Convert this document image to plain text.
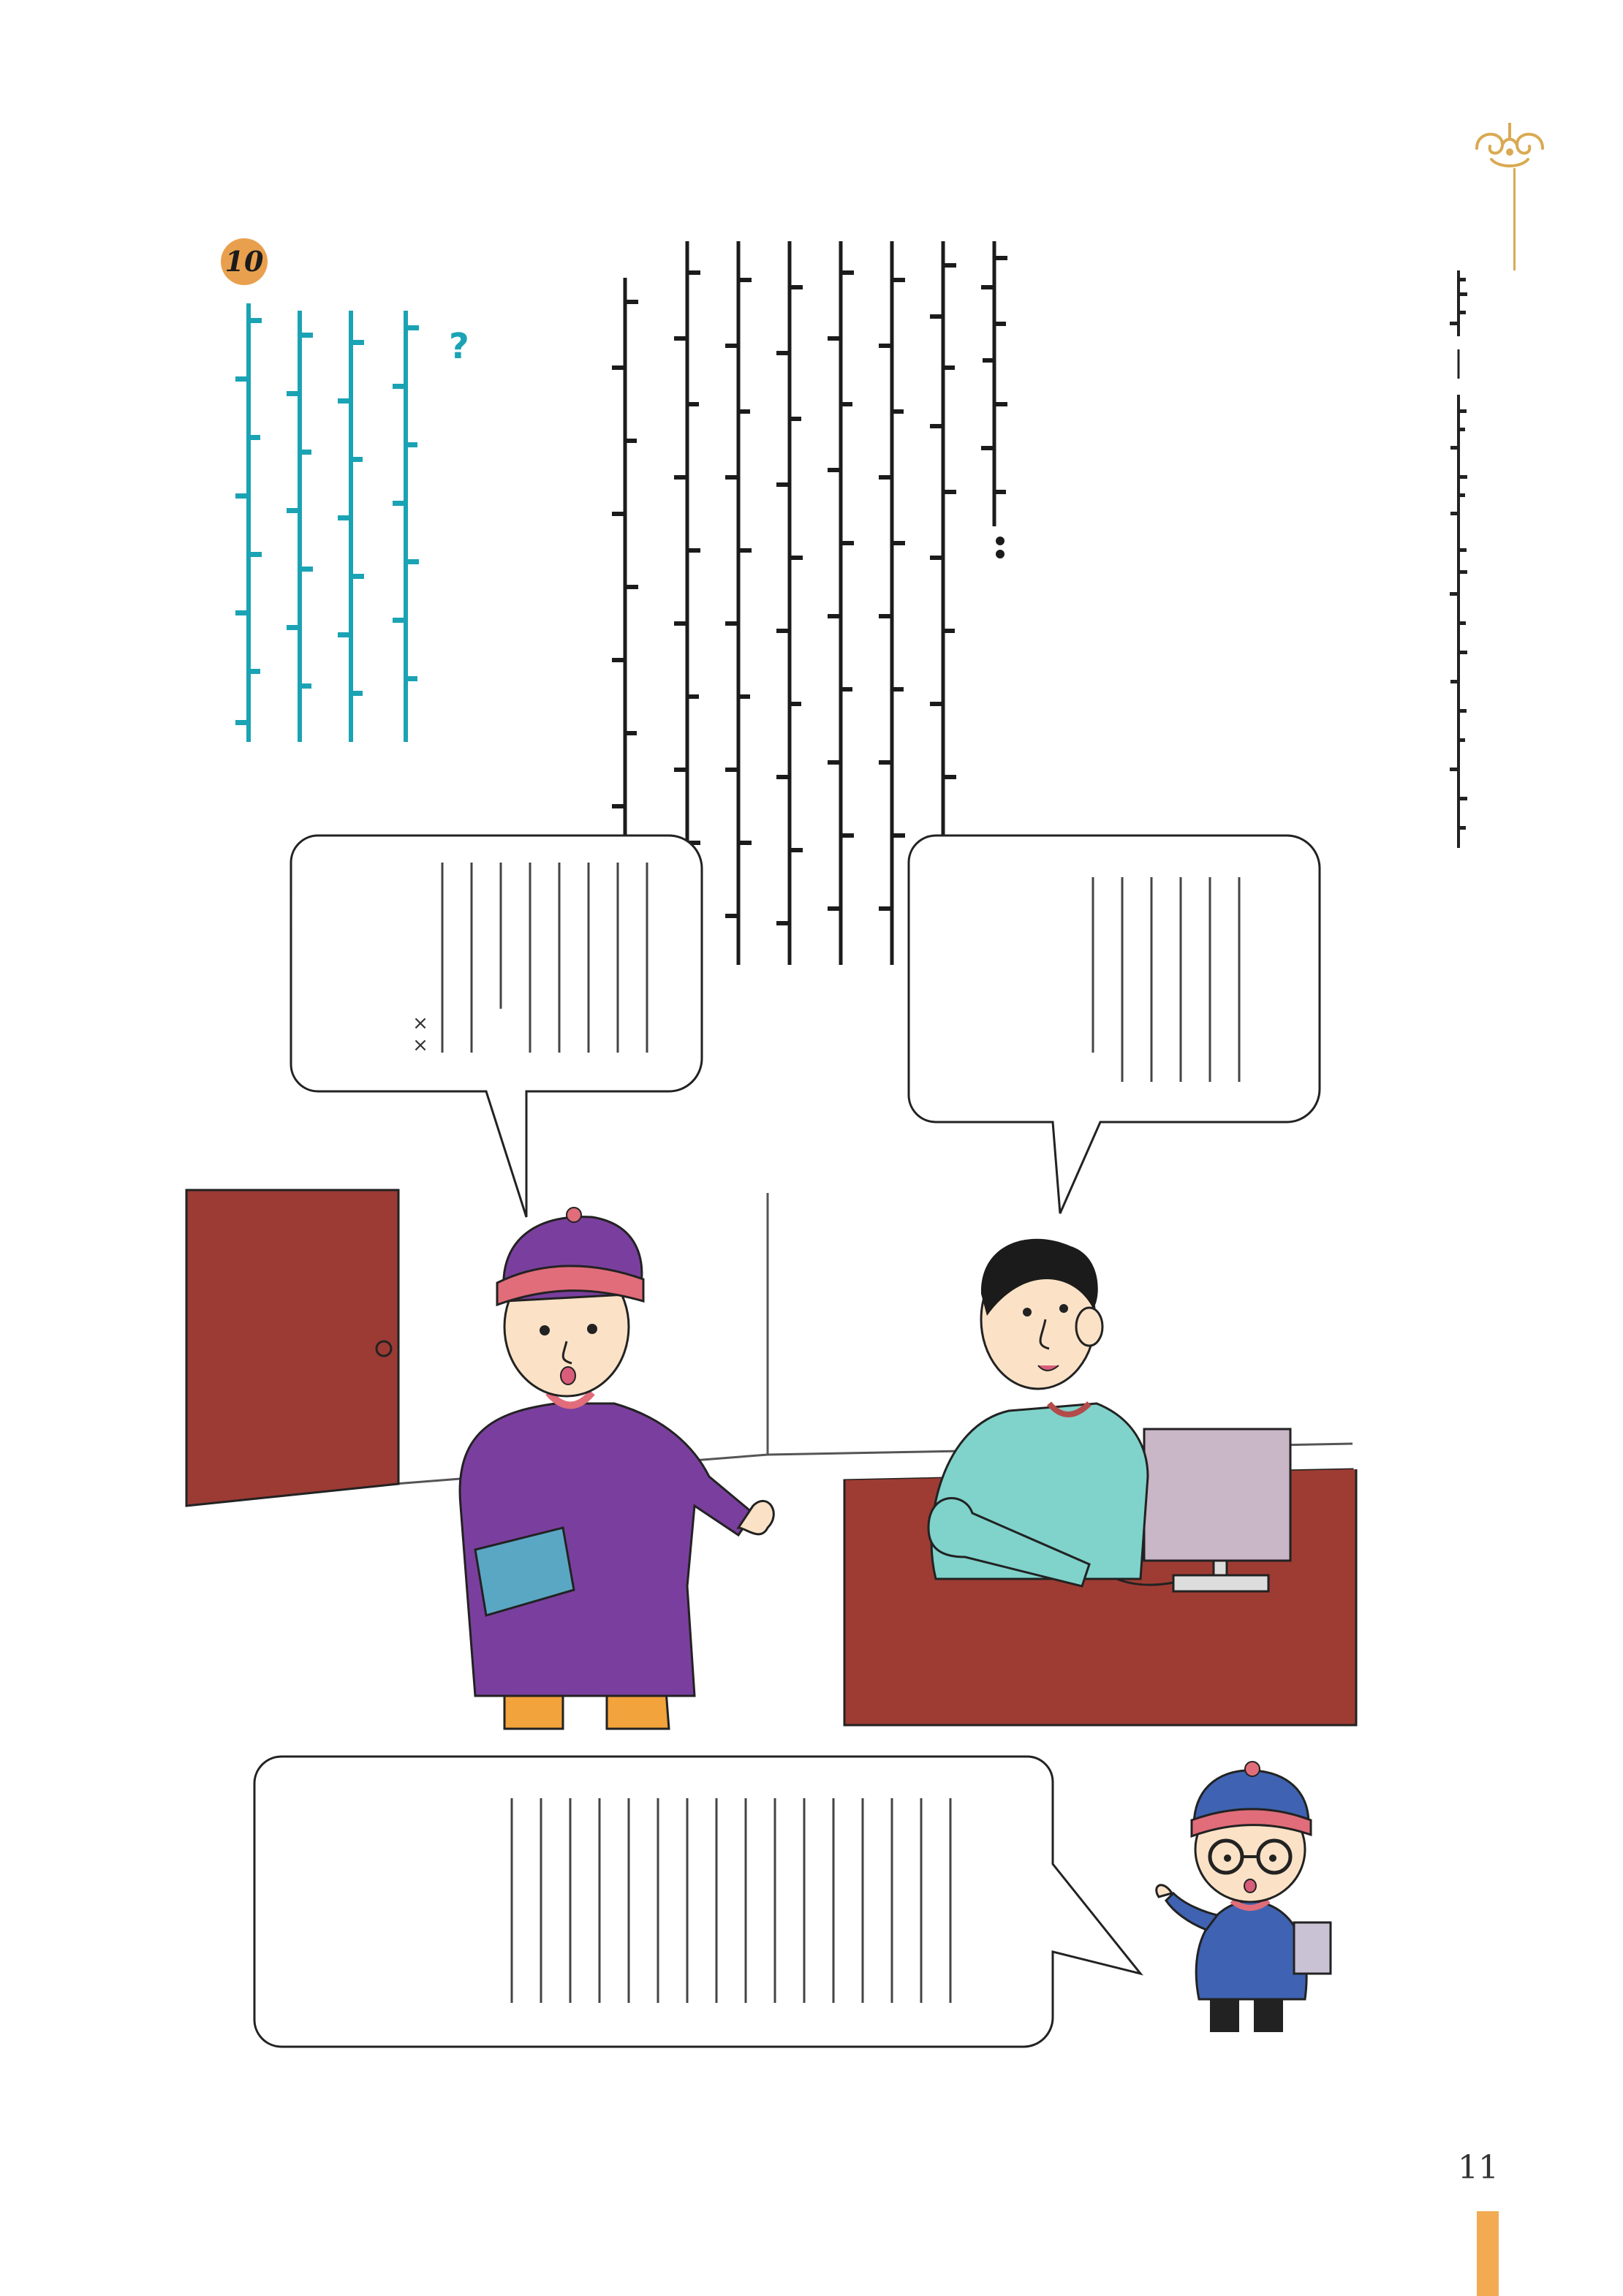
10
?
××
11
